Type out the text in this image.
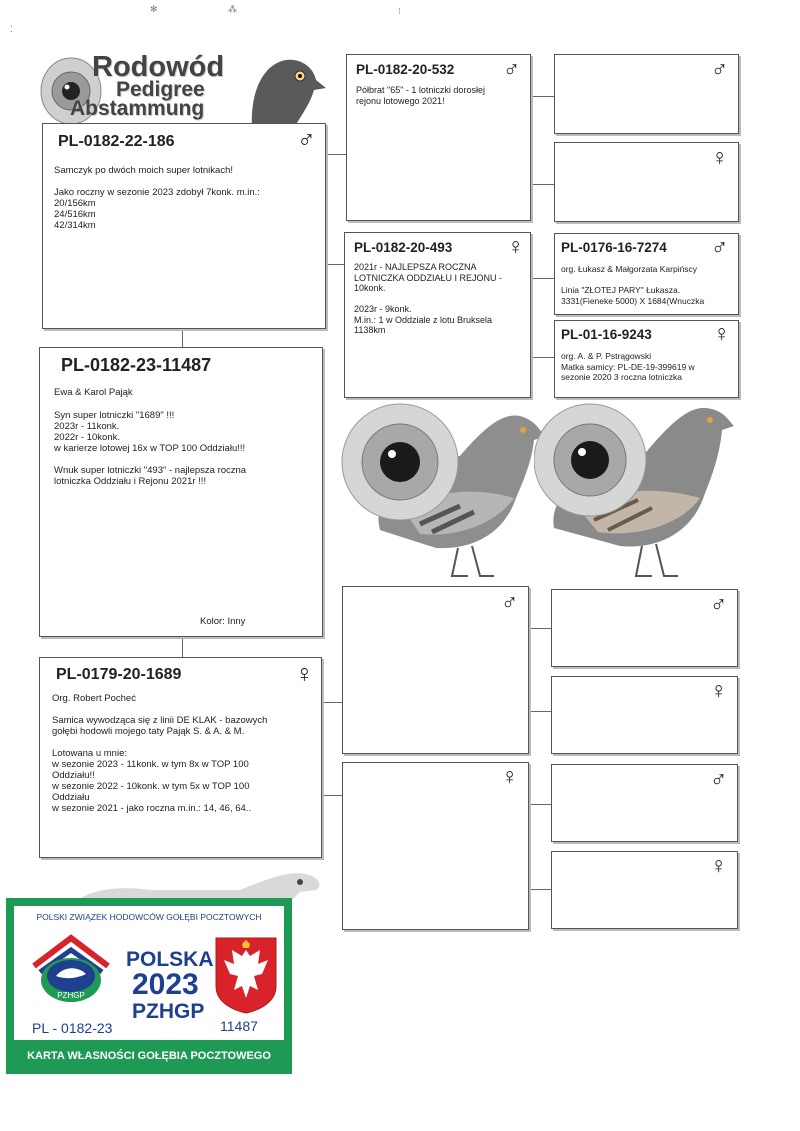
✻	⁂	⁝
⁚
Rodowód
Pedigree
Abstammung
PL-0182-22-186	♂
Samczyk po dwóch moich super lotnikach!

Jako roczny w sezonie 2023 zdobył 7konk. m.in.:
20/156km
24/516km
42/314km
PL-0182-23-11487
Ewa & Karol Pająk
Syn super lotniczki "1689" !!!
2023r - 11konk.
2022r - 10konk.
w karierze lotowej 16x w TOP 100 Oddziału!!!

Wnuk super lotniczki "493" - najlepsza roczna
lotniczka Oddziału i Rejonu 2021r !!!
Kolor: Inny
PL-0179-20-1689	♀
Org. Robert Pocheć

Samica wywodząca się z linii DE KLAK - bazowych
gołębi hodowli mojego taty Pająk S. & A. & M.

Lotowana u mnie:
w sezonie 2023 - 11konk. w tym 8x w TOP 100
Oddziału!!
w sezonie 2022 - 10konk. w tym 5x w TOP 100
Oddziału
w sezonie 2021 - jako roczna m.in.: 14, 46, 64..
PL-0182-20-532 ♂
Półbrat "65" - 1 lotniczki dorosłej
rejonu lotowego 2021!
PL-0182-20-493 ♀
2021r - NAJLEPSZA ROCZNA
LOTNICZKA ODDZIAŁU I REJONU -
10konk.

2023r - 9konk.
M.in.: 1 w Oddziale z lotu Bruksela
1138km
♂
♀
PL-0176-16-7274 ♂
org. Łukasz & Małgorzata Karpińscy

Linia "ZŁOTEJ PARY" Łukasza.
3331(Fieneke 5000) X 1684(Wnuczka
PL-01-16-9243	♀
org. A. & P. Pstrągowski
Matka samicy: PL-DE-19-399619 w
sezonie 2020 3 roczna lotniczka
♂
♀
♂
♀
♂
♀
POLSKI ZWIĄZEK HODOWCÓW GOŁĘBI POCZTOWYCH
PZHGP
POLSKA
2023
PZHGP
PL - 0182-23	11487
KARTA WŁASNOŚCI GOŁĘBIA POCZTOWEGO
